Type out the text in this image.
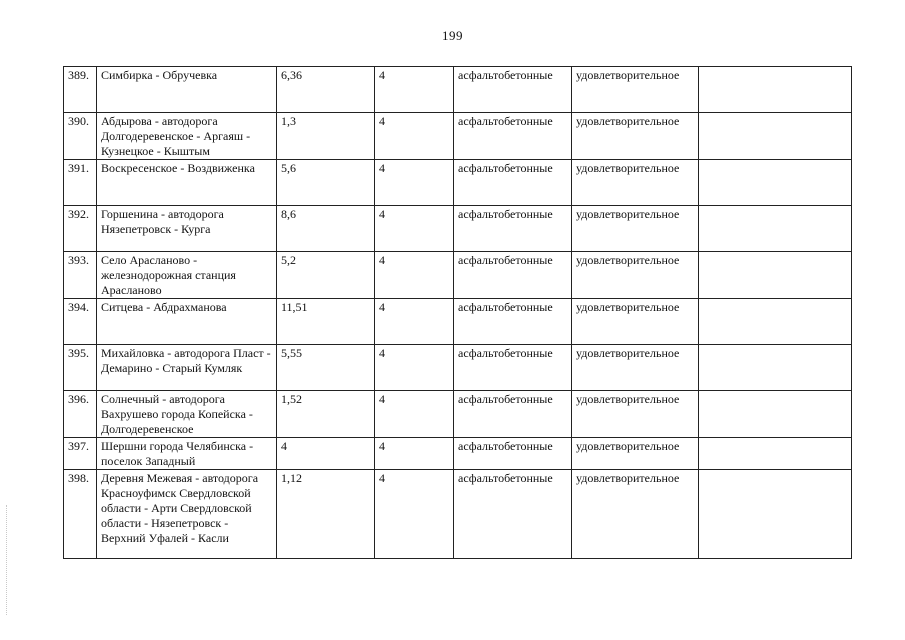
199
389.	Симбирка - Обручевка	6,36	4	асфальтобетонные	удовлетворительное	
390.	Абдырова - автодорога Долгодеревенское - Аргаяш - Кузнецкое - Кыштым	1,3	4	асфальтобетонные	удовлетворительное	
391.	Воскресенское - Воздвиженка	5,6	4	асфальтобетонные	удовлетворительное	
392.	Горшенина - автодорога Нязепетровск - Курга	8,6	4	асфальтобетонные	удовлетворительное	
393.	Село Арасланово - железнодорожная станция Арасланово	5,2	4	асфальтобетонные	удовлетворительное	
394.	Ситцева - Абдрахманова	11,51	4	асфальтобетонные	удовлетворительное	
395.	Михайловка - автодорога Пласт - Демарино - Старый Кумляк	5,55	4	асфальтобетонные	удовлетворительное	
396.	Солнечный - автодорога Вахрушево города Копейска - Долгодеревенское	1,52	4	асфальтобетонные	удовлетворительное	
397.	Шершни города Челябинска - поселок Западный	4	4	асфальтобетонные	удовлетворительное	
398.	Деревня Межевая - автодорога Красноуфимск Свердловской области - Арти Свердловской области - Нязепетровск - Верхний Уфалей - Касли	1,12	4	асфальтобетонные	удовлетворительное	
